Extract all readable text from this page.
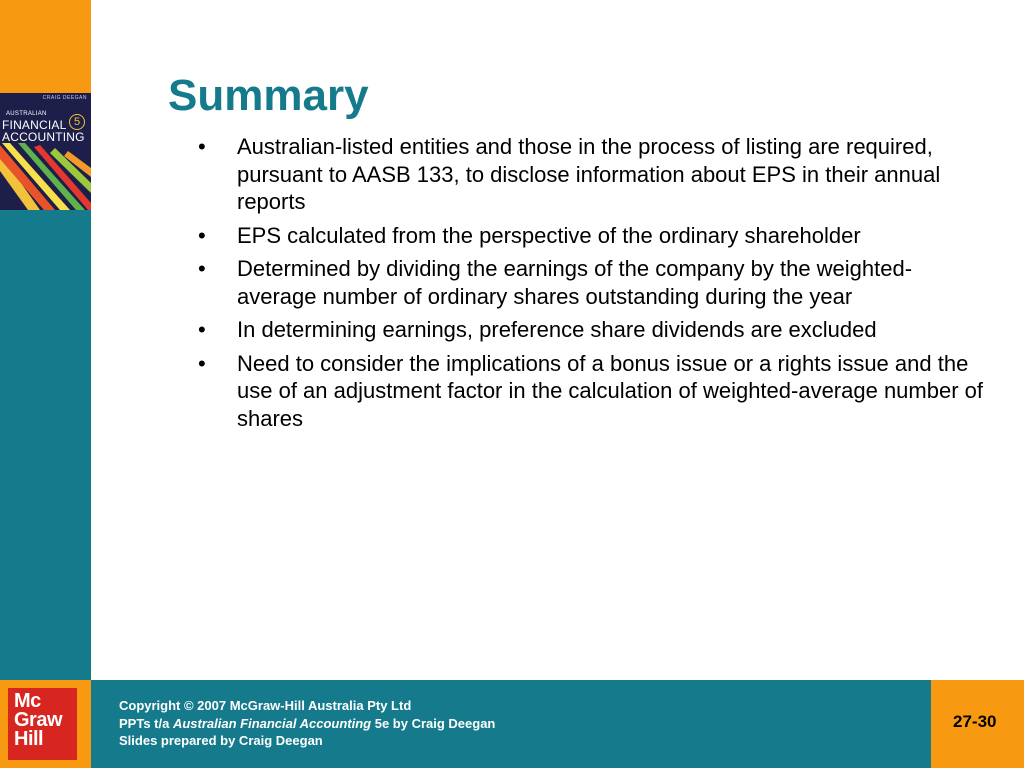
CRAIG DEEGAN
AUSTRALIAN
FINANCIAL
ACCOUNTING
5
Summary
• Australian-listed entities and those in the process of listing are required, pursuant to AASB 133, to disclose information about EPS in their annual reports
• EPS calculated from the perspective of the ordinary shareholder
• Determined by dividing the earnings of the company by the weighted-average number of ordinary shares outstanding during the year
• In determining earnings, preference share dividends are excluded
• Need to consider the implications of a bonus issue or a rights issue and the use of an adjustment factor in the calculation of weighted-average number of shares
Mc
Graw
Hill
Copyright © 2007 McGraw-Hill Australia Pty Ltd
PPTs t/a Australian Financial Accounting 5e by Craig Deegan
Slides prepared by Craig Deegan
27-30
